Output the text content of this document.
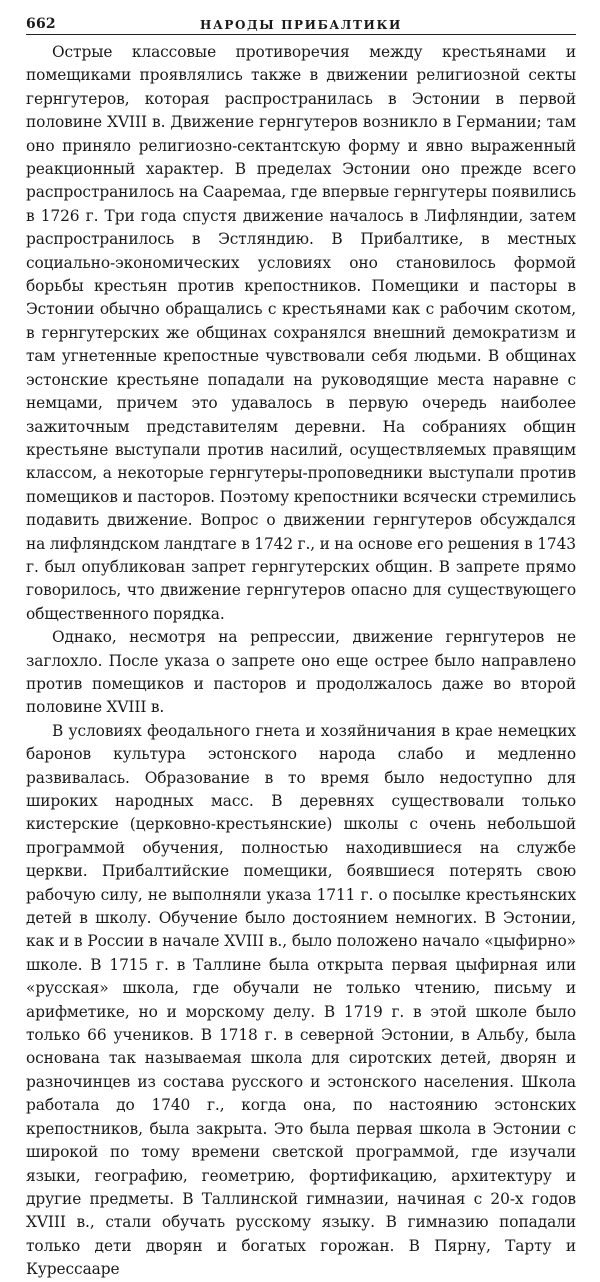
662	НАРОДЫ ПРИБАЛТИКИ

Острые классовые противоречия между крестьянами и помещиками проявлялись также в движении религиозной секты гернгутеров, которая распространилась в Эстонии в первой половине XVIII в. Движение гернгутеров возникло в Германии; там оно приняло религиозно-сектантскую форму и явно выраженный реакционный характер. В пределах Эстонии оно прежде всего распространилось на Сааремаа, где впервые гернгутеры появились в 1726 г. Три года спустя движение началось в Лифляндии, затем распространилось в Эстляндию. В Прибалтике, в местных социально-экономических условиях оно становилось формой борьбы крестьян против крепостников. Помещики и пасторы в Эстонии обычно обращались с крестьянами как с рабочим скотом, в гернгутерских же общинах сохранялся внешний демократизм и там угнетенные крепостные чувствовали себя людьми. В общинах эстонские крестьяне попадали на руководящие места наравне с немцами, причем это удавалось в первую очередь наиболее зажиточным представителям деревни. На собраниях общин крестьяне выступали против насилий, осуществляемых правящим классом, а некоторые гернгутеры-проповедники выступали против помещиков и пасторов. Поэтому крепостники всячески стремились подавить движение. Вопрос о движении гернгутеров обсуждался на лифляндском ландтаге в 1742 г., и на основе его решения в 1743 г. был опубликован запрет гернгутерских общин. В запрете прямо говорилось, что движение гернгутеров опасно для существующего общественного порядка.

Однако, несмотря на репрессии, движение гернгутеров не заглохло. После указа о запрете оно еще острее было направлено против помещиков и пасторов и продолжалось даже во второй половине XVIII в.

В условиях феодального гнета и хозяйничания в крае немецких баронов культура эстонского народа слабо и медленно развивалась. Образование в то время было недоступно для широких народных масс. В деревнях существовали только кистерские (церковно-крестьянские) школы с очень небольшой программой обучения, полностью находившиеся на службе церкви. Прибалтийские помещики, боявшиеся потерять свою рабочую силу, не выполняли указа 1711 г. о посылке крестьянских детей в школу. Обучение было достоянием немногих. В Эстонии, как и в России в начале XVIII в., было положено начало «цыфирно» школе. В 1715 г. в Таллине была открыта первая цыфирная или «русская» школа, где обучали не только чтению, письму и арифметике, но и морскому делу. В 1719 г. в этой школе было только 66 учеников. В 1718 г. в северной Эстонии, в Альбу, была основана так называемая школа для сиротских детей, дворян и разночинцев из состава русского и эстонского населения. Школа работала до 1740 г., когда она, по настоянию эстонских крепостников, была закрыта. Это была первая школа в Эстонии с широкой по тому времени светской программой, где изучали языки, географию, геометрию, фортификацию, архитектуру и другие предметы. В Таллинской гимназии, начиная с 20-х годов XVIII в., стали обучать русскому языку. В гимназию попадали только дети дворян и богатых горожан. В Пярну, Тарту и Курессааре
